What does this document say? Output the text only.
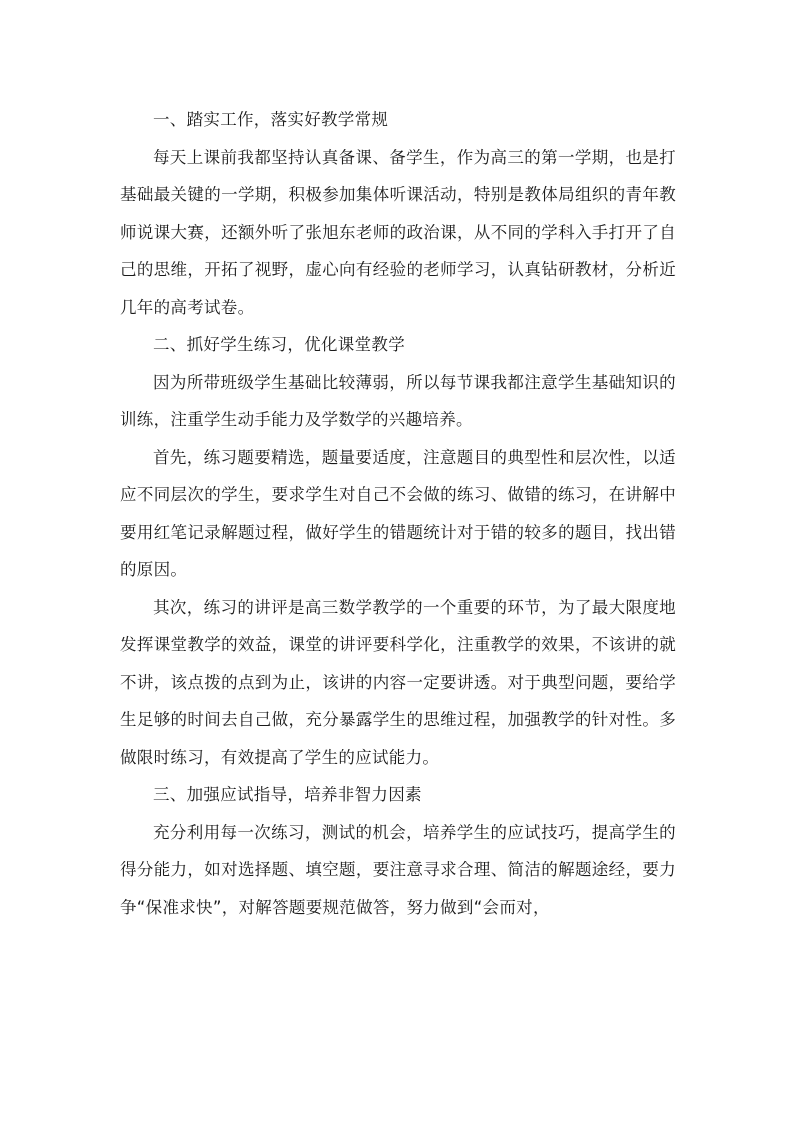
一、踏实工作，落实好教学常规

每天上课前我都坚持认真备课、备学生，作为高三的第一学期，也是打基础最关键的一学期，积极参加集体听课活动，特别是教体局组织的青年教师说课大赛，还额外听了张旭东老师的政治课，从不同的学科入手打开了自己的思维，开拓了视野，虚心向有经验的老师学习，认真钻研教材，分析近几年的高考试卷。

二、抓好学生练习，优化课堂教学

因为所带班级学生基础比较薄弱，所以每节课我都注意学生基础知识的训练，注重学生动手能力及学数学的兴趣培养。

首先，练习题要精选，题量要适度，注意题目的典型性和层次性，以适应不同层次的学生，要求学生对自己不会做的练习、做错的练习，在讲解中要用红笔记录解题过程，做好学生的错题统计对于错的较多的题目，找出错的原因。

其次，练习的讲评是高三数学教学的一个重要的环节，为了最大限度地发挥课堂教学的效益，课堂的讲评要科学化，注重教学的效果，不该讲的就不讲，该点拨的点到为止，该讲的内容一定要讲透。对于典型问题，要给学生足够的时间去自己做，充分暴露学生的思维过程，加强教学的针对性。多做限时练习，有效提高了学生的应试能力。

三、加强应试指导，培养非智力因素

充分利用每一次练习，测试的机会，培养学生的应试技巧，提高学生的得分能力，如对选择题、填空题，要注意寻求合理、简洁的解题途经，要力争“保准求快”，对解答题要规范做答，努力做到“会而对，
